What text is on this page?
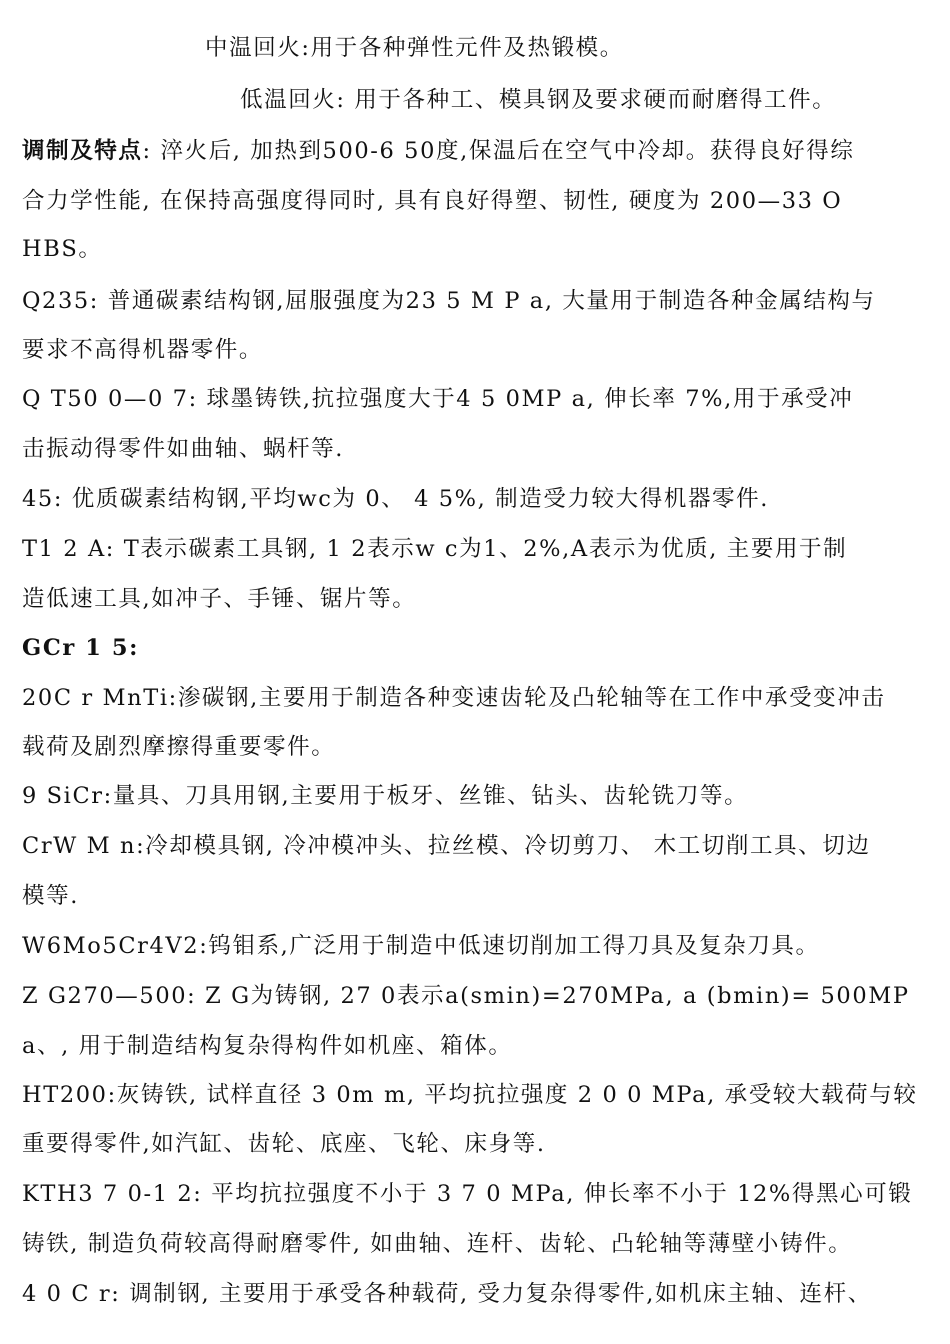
中温回火:用于各种弹性元件及热锻模。
低温回火: 用于各种工、模具钢及要求硬而耐磨得工件。
调制及特点: 淬火后, 加热到500-6 50度,保温后在空气中冷却。获得良好得综
合力学性能, 在保持高强度得同时, 具有良好得塑、韧性, 硬度为 200—33 O
HBS。
Q235: 普通碳素结构钢,屈服强度为23 5 M P a, 大量用于制造各种金属结构与
要求不高得机器零件。
Q T50 0—0 7: 球墨铸铁,抗拉强度大于4 5 0MP a, 伸长率 7%,用于承受冲
击振动得零件如曲轴、蜗杆等.
45: 优质碳素结构钢,平均wc为 0、 4 5%, 制造受力较大得机器零件.
T1 2 A: T表示碳素工具钢, 1 2表示w c为1、2%,A表示为优质, 主要用于制
造低速工具,如冲子、手锤、锯片等。
GCr 1 5:
20C r MnTi:渗碳钢,主要用于制造各种变速齿轮及凸轮轴等在工作中承受变冲击
载荷及剧烈摩擦得重要零件。
9 SiCr:量具、刀具用钢,主要用于板牙、丝锥、钻头、齿轮铣刀等。
CrW M n:冷却模具钢, 冷冲模冲头、拉丝模、冷切剪刀、 木工切削工具、切边
模等.
W6Mo5Cr4V2:钨钼系,广泛用于制造中低速切削加工得刀具及复杂刀具。
Z G270—500: Z G为铸钢, 27 0表示a(smin)=270MPa, a (bmin)= 500MP
a、, 用于制造结构复杂得构件如机座、箱体。
HT200:灰铸铁, 试样直径 3 0m m, 平均抗拉强度 2 0 0 MPa, 承受较大载荷与较
重要得零件,如汽缸、齿轮、底座、飞轮、床身等.
KTH3 7 0-1 2: 平均抗拉强度不小于 3 7 0 MPa, 伸长率不小于 12%得黑心可锻
铸铁, 制造负荷较高得耐磨零件, 如曲轴、连杆、齿轮、凸轮轴等薄壁小铸件。
4 0 C r: 调制钢, 主要用于承受各种载荷, 受力复杂得零件,如机床主轴、连杆、
